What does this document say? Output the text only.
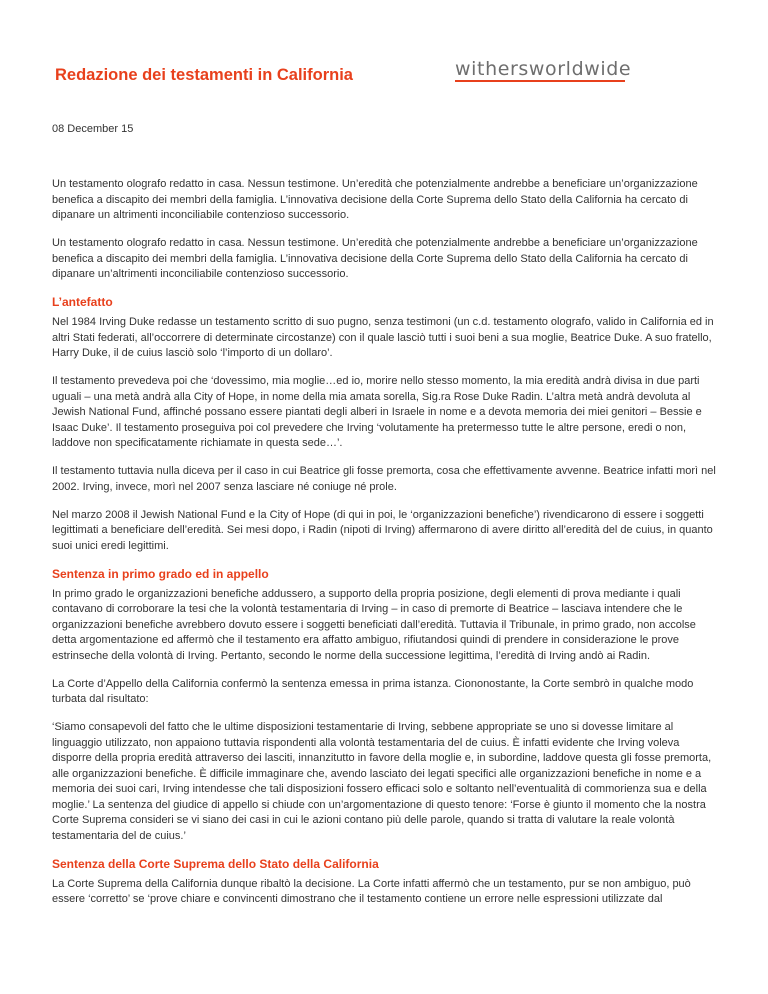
Redazione dei testamenti in California	withersworldwide
08 December 15

Un testamento olografo redatto in casa. Nessun testimone. Un’eredità che potenzialmente andrebbe a beneficiare un’organizzazione benefica a discapito dei membri della famiglia. L’innovativa decisione della Corte Suprema dello Stato della California ha cercato di dipanare un altrimenti inconciliabile contenzioso successorio.

Un testamento olografo redatto in casa. Nessun testimone. Un’eredità che potenzialmente andrebbe a beneficiare un’organizzazione benefica a discapito dei membri della famiglia. L’innovativa decisione della Corte Suprema dello Stato della California ha cercato di dipanare un’altrimenti inconciliabile contenzioso successorio.

L’antefatto

Nel 1984 Irving Duke redasse un testamento scritto di suo pugno, senza testimoni (un c.d. testamento olografo, valido in California ed in altri Stati federati, all’occorrere di determinate circostanze) con il quale lasciò tutti i suoi beni a sua moglie, Beatrice Duke. A suo fratello, Harry Duke, il de cuius lasciò solo ‘l’importo di un dollaro’.

Il testamento prevedeva poi che ‘dovessimo, mia moglie…ed io, morire nello stesso momento, la mia eredità andrà divisa in due parti uguali – una metà andrà alla City of Hope, in nome della mia amata sorella, Sig.ra Rose Duke Radin. L’altra metà andrà devoluta al Jewish National Fund, affinché possano essere piantati degli alberi in Israele in nome e a devota memoria dei miei genitori – Bessie e Isaac Duke’. Il testamento proseguiva poi col prevedere che Irving ‘volutamente ha pretermesso tutte le altre persone, eredi o non, laddove non specificatamente richiamate in questa sede…’.

Il testamento tuttavia nulla diceva per il caso in cui Beatrice gli fosse premorta, cosa che effettivamente avvenne. Beatrice infatti morì nel 2002. Irving, invece, morì nel 2007 senza lasciare né coniuge né prole.

Nel marzo 2008 il Jewish National Fund e la City of Hope (di qui in poi, le ‘organizzazioni benefiche’) rivendicarono di essere i soggetti legittimati a beneficiare dell’eredità. Sei mesi dopo, i Radin (nipoti di Irving) affermarono di avere diritto all’eredità del de cuius, in quanto suoi unici eredi legittimi.

Sentenza in primo grado ed in appello

In primo grado le organizzazioni benefiche addussero, a supporto della propria posizione, degli elementi di prova mediante i quali contavano di corroborare la tesi che la volontà testamentaria di Irving – in caso di premorte di Beatrice – lasciava intendere che le organizzazioni benefiche avrebbero dovuto essere i soggetti beneficiati dall’eredità. Tuttavia il Tribunale, in primo grado, non accolse detta argomentazione ed affermò che il testamento era affatto ambiguo, rifiutandosi quindi di prendere in considerazione le prove estrinseche della volontà di Irving. Pertanto, secondo le norme della successione legittima, l’eredità di Irving andò ai Radin.

La Corte d’Appello della California confermò la sentenza emessa in prima istanza. Ciononostante, la Corte sembrò in qualche modo turbata dal risultato:

‘Siamo consapevoli del fatto che le ultime disposizioni testamentarie di Irving, sebbene appropriate se uno si dovesse limitare al linguaggio utilizzato, non appaiono tuttavia rispondenti alla volontà testamentaria del de cuius. È infatti evidente che Irving voleva disporre della propria eredità attraverso dei lasciti, innanzitutto in favore della moglie e, in subordine, laddove questa gli fosse premorta, alle organizzazioni benefiche. È difficile immaginare che, avendo lasciato dei legati specifici alle organizzazioni benefiche in nome e a memoria dei suoi cari, Irving intendesse che tali disposizioni fossero efficaci solo e soltanto nell’eventualità di commorienza sua e della moglie.’ La sentenza del giudice di appello si chiude con un’argomentazione di questo tenore: ‘Forse è giunto il momento che la nostra Corte Suprema consideri se vi siano dei casi in cui le azioni contano più delle parole, quando si tratta di valutare la reale volontà testamentaria del de cuius.’

Sentenza della Corte Suprema dello Stato della California

La Corte Suprema della California dunque ribaltò la decisione. La Corte infatti affermò che un testamento, pur se non ambiguo, può essere ‘corretto’ se ‘prove chiare e convincenti dimostrano che il testamento contiene un errore nelle espressioni utilizzate dal
